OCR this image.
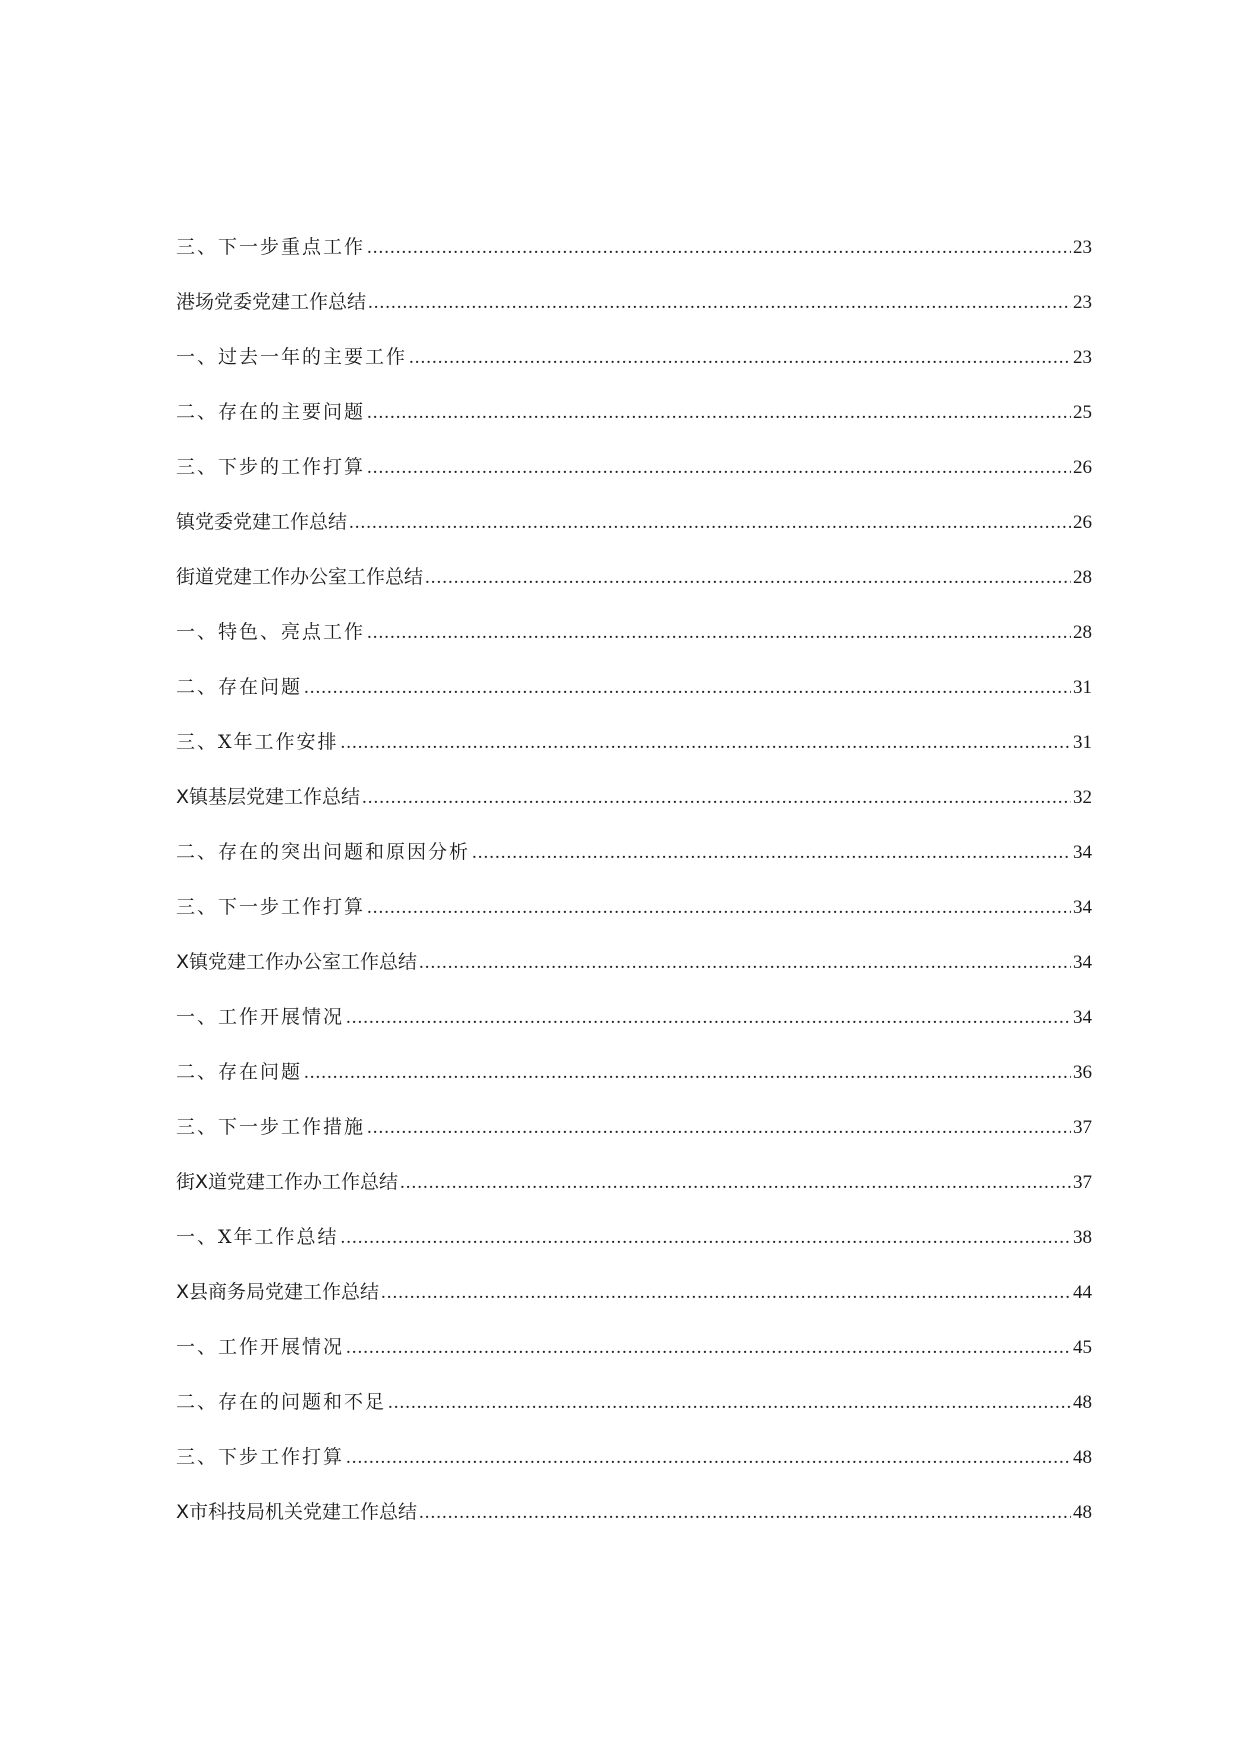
三、下一步重点工作 .....	23
港场党委党建工作总结 .....	23
一、过去一年的主要工作 .....	23
二、存在的主要问题 .....	25
三、下步的工作打算 .....	26
镇党委党建工作总结 .....	26
街道党建工作办公室工作总结 .....	28
一、特色、亮点工作 .....	28
二、存在问题 .....	31
三、X年工作安排 .....	31
X镇基层党建工作总结 .....	32
二、存在的突出问题和原因分析 .....	34
三、下一步工作打算 .....	34
X镇党建工作办公室工作总结 .....	34
一、工作开展情况 .....	34
二、存在问题 .....	36
三、下一步工作措施 .....	37
街X道党建工作办工作总结 .....	37
一、X年工作总结 .....	38
X县商务局党建工作总结 .....	44
一、工作开展情况 .....	45
二、存在的问题和不足 .....	48
三、下步工作打算 .....	48
X市科技局机关党建工作总结 .....	48
